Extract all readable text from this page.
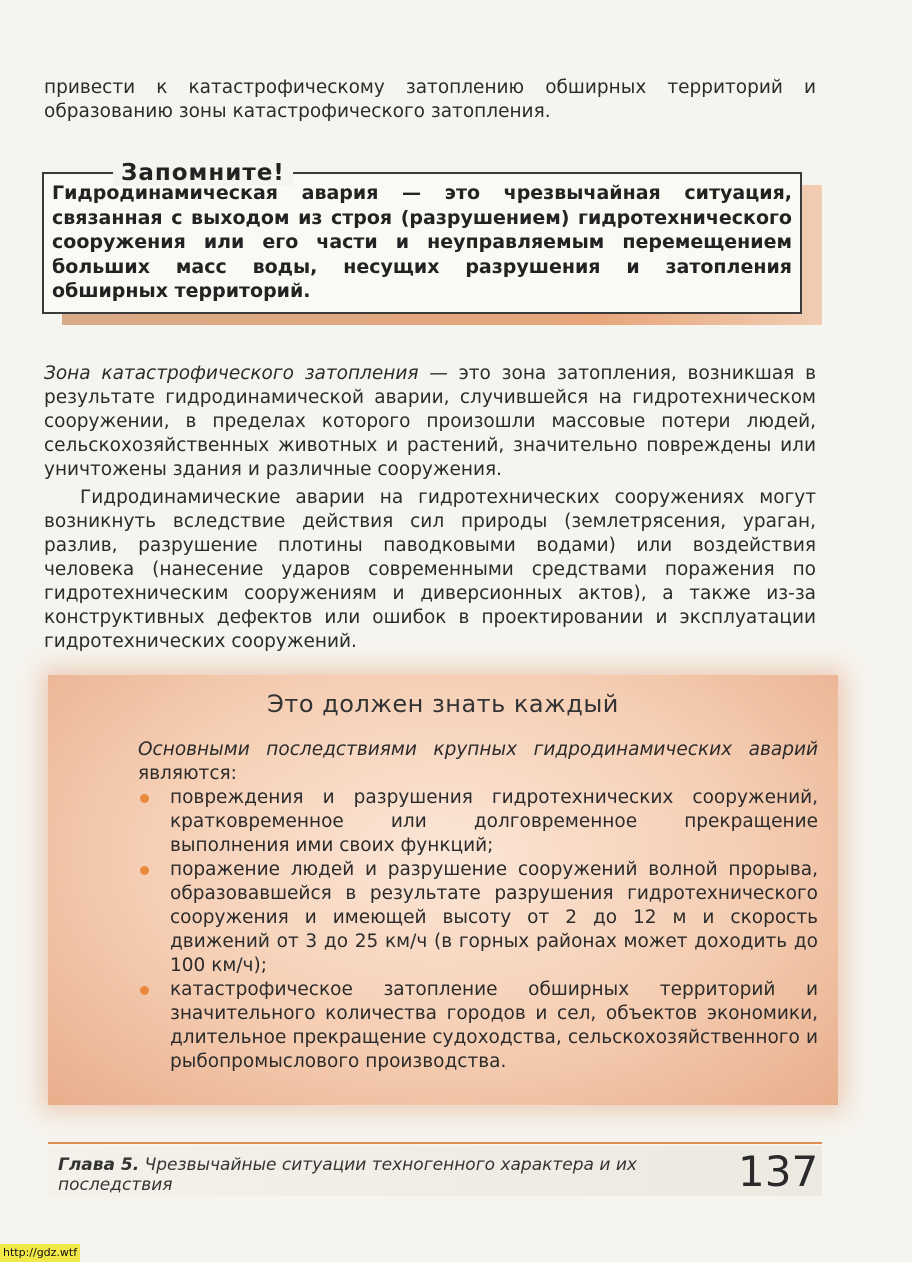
привести к катастрофическому затоплению обширных территорий и образованию зоны катастрофического затопления.

Запомните!

Гидродинамическая авария — это чрезвычайная ситуация, связанная с выходом из строя (разрушением) гидротехнического сооружения или его части и неуправляемым перемещением больших масс воды, несущих разрушения и затопления обширных территорий.

Зона катастрофического затопления — это зона затопления, возникшая в результате гидродинамической аварии, случившейся на гидротехническом сооружении, в пределах которого произошли массовые потери людей, сельскохозяйственных животных и растений, значительно повреждены или уничтожены здания и различные сооружения.

Гидродинамические аварии на гидротехнических сооружениях могут возникнуть вследствие действия сил природы (землетрясения, ураган, разлив, разрушение плотины паводковыми водами) или воздействия человека (нанесение ударов современными средствами поражения по гидротехническим сооружениям и диверсионных актов), а также из-за конструктивных дефектов или ошибок в проектировании и эксплуатации гидротехнических сооружений.

Это должен знать каждый

Основными последствиями крупных гидродинамических аварий являются:

повреждения и разрушения гидротехнических сооружений, кратковременное или долговременное прекращение выполнения ими своих функций;
поражение людей и разрушение сооружений волной прорыва, образовавшейся в результате разрушения гидротехнического сооружения и имеющей высоту от 2 до 12 м и скорость движений от 3 до 25 км/ч (в горных районах может доходить до 100 км/ч);
катастрофическое затопление обширных территорий и значительного количества городов и сел, объектов экономики, длительное прекращение судоходства, сельскохозяйственного и рыбопромыслового производства.

Глава 5. Чрезвычайные ситуации техногенного характера и их последствия	137
http://gdz.wtf
